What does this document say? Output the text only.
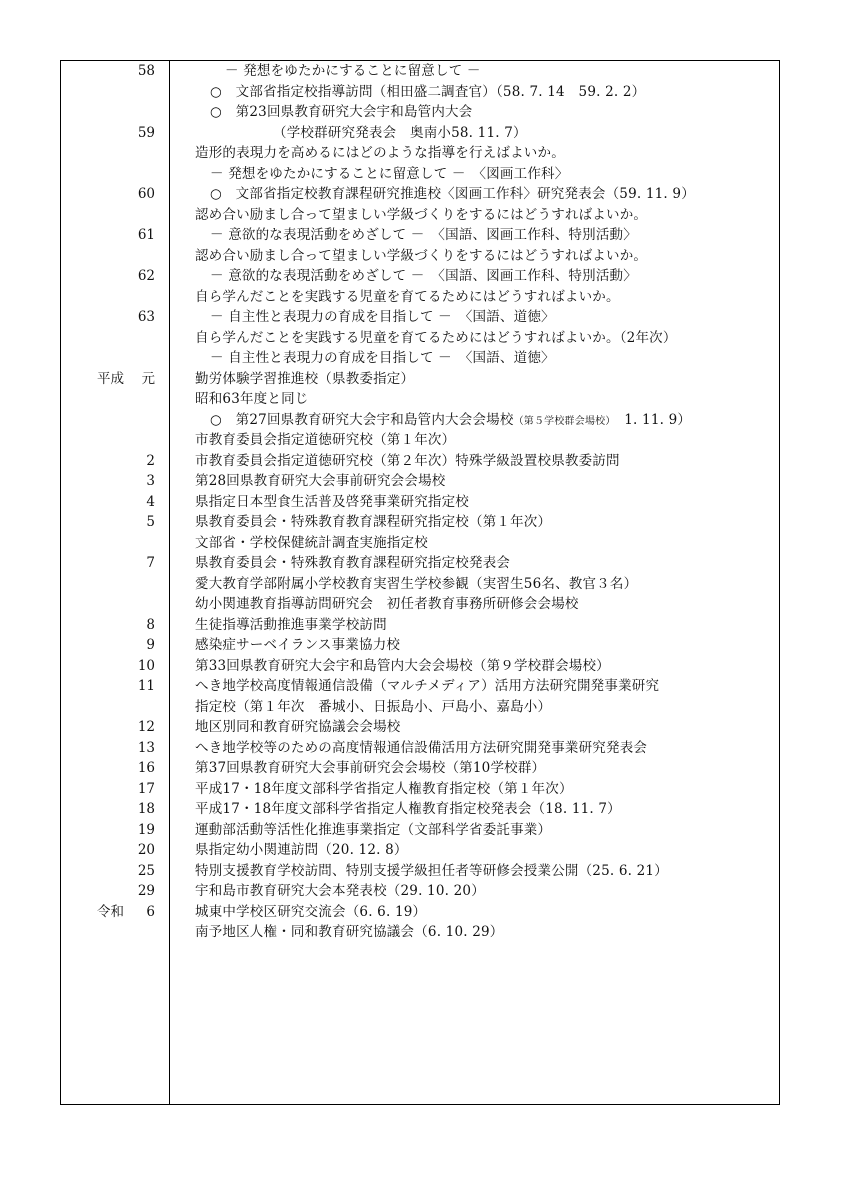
58	－ 発想をゆたかにすることに留意して －
○　文部省指定校指導訪問（相田盛二調査官）（58. 7. 14　59. 2. 2）
○　第23回県教育研究大会宇和島管内大会
59	（学校群研究発表会　奥南小58. 11. 7）
造形的表現力を高めるにはどのような指導を行えばよいか。
－ 発想をゆたかにすることに留意して －　〈図画工作科〉
60	○　文部省指定校教育課程研究推進校〈図画工作科〉研究発表会（59. 11. 9）
認め合い励まし合って望ましい学級づくりをするにはどうすればよいか。
61	－ 意欲的な表現活動をめざして －　〈国語、図画工作科、特別活動〉
認め合い励まし合って望ましい学級づくりをするにはどうすればよいか。
62	－ 意欲的な表現活動をめざして －　〈国語、図画工作科、特別活動〉
自ら学んだことを実践する児童を育てるためにはどうすればよいか。
63	－ 自主性と表現力の育成を目指して －　〈国語、道徳〉
自ら学んだことを実践する児童を育てるためにはどうすればよいか。（2年次）
－ 自主性と表現力の育成を目指して －　〈国語、道徳〉
平成 元	勤労体験学習推進校（県教委指定）
昭和63年度と同じ
○　第27回県教育研究大会宇和島管内大会会場校（第５学校群会場校）　1. 11. 9）
市教育委員会指定道徳研究校（第１年次）
2	市教育委員会指定道徳研究校（第２年次）特殊学級設置校県教委訪問
3	第28回県教育研究大会事前研究会会場校
4	県指定日本型食生活普及啓発事業研究指定校
5	県教育委員会・特殊教育教育課程研究指定校（第１年次）
文部省・学校保健統計調査実施指定校
7	県教育委員会・特殊教育教育課程研究指定校発表会
愛大教育学部附属小学校教育実習生学校参観（実習生56名、教官３名）
幼小関連教育指導訪問研究会　初任者教育事務所研修会会場校
8	生徒指導活動推進事業学校訪問
9	感染症サーベイランス事業協力校
10	第33回県教育研究大会宇和島管内大会会場校（第９学校群会場校）
11	へき地学校高度情報通信設備（マルチメディア）活用方法研究開発事業研究
指定校（第１年次　番城小、日振島小、戸島小、嘉島小）
12	地区別同和教育研究協議会会場校
13	へき地学校等のための高度情報通信設備活用方法研究開発事業研究発表会
16	第37回県教育研究大会事前研究会会場校（第10学校群）
17	平成17・18年度文部科学省指定人権教育指定校（第１年次）
18	平成17・18年度文部科学省指定人権教育指定校発表会（18. 11. 7）
19	運動部活動等活性化推進事業指定（文部科学省委託事業）
20	県指定幼小関連訪問（20. 12. 8）
25	特別支援教育学校訪問、特別支援学級担任者等研修会授業公開（25. 6. 21）
29	宇和島市教育研究大会本発表校（29. 10. 20）
令和 6	城東中学校区研究交流会（6. 6. 19）
南予地区人権・同和教育研究協議会（6. 10. 29）
